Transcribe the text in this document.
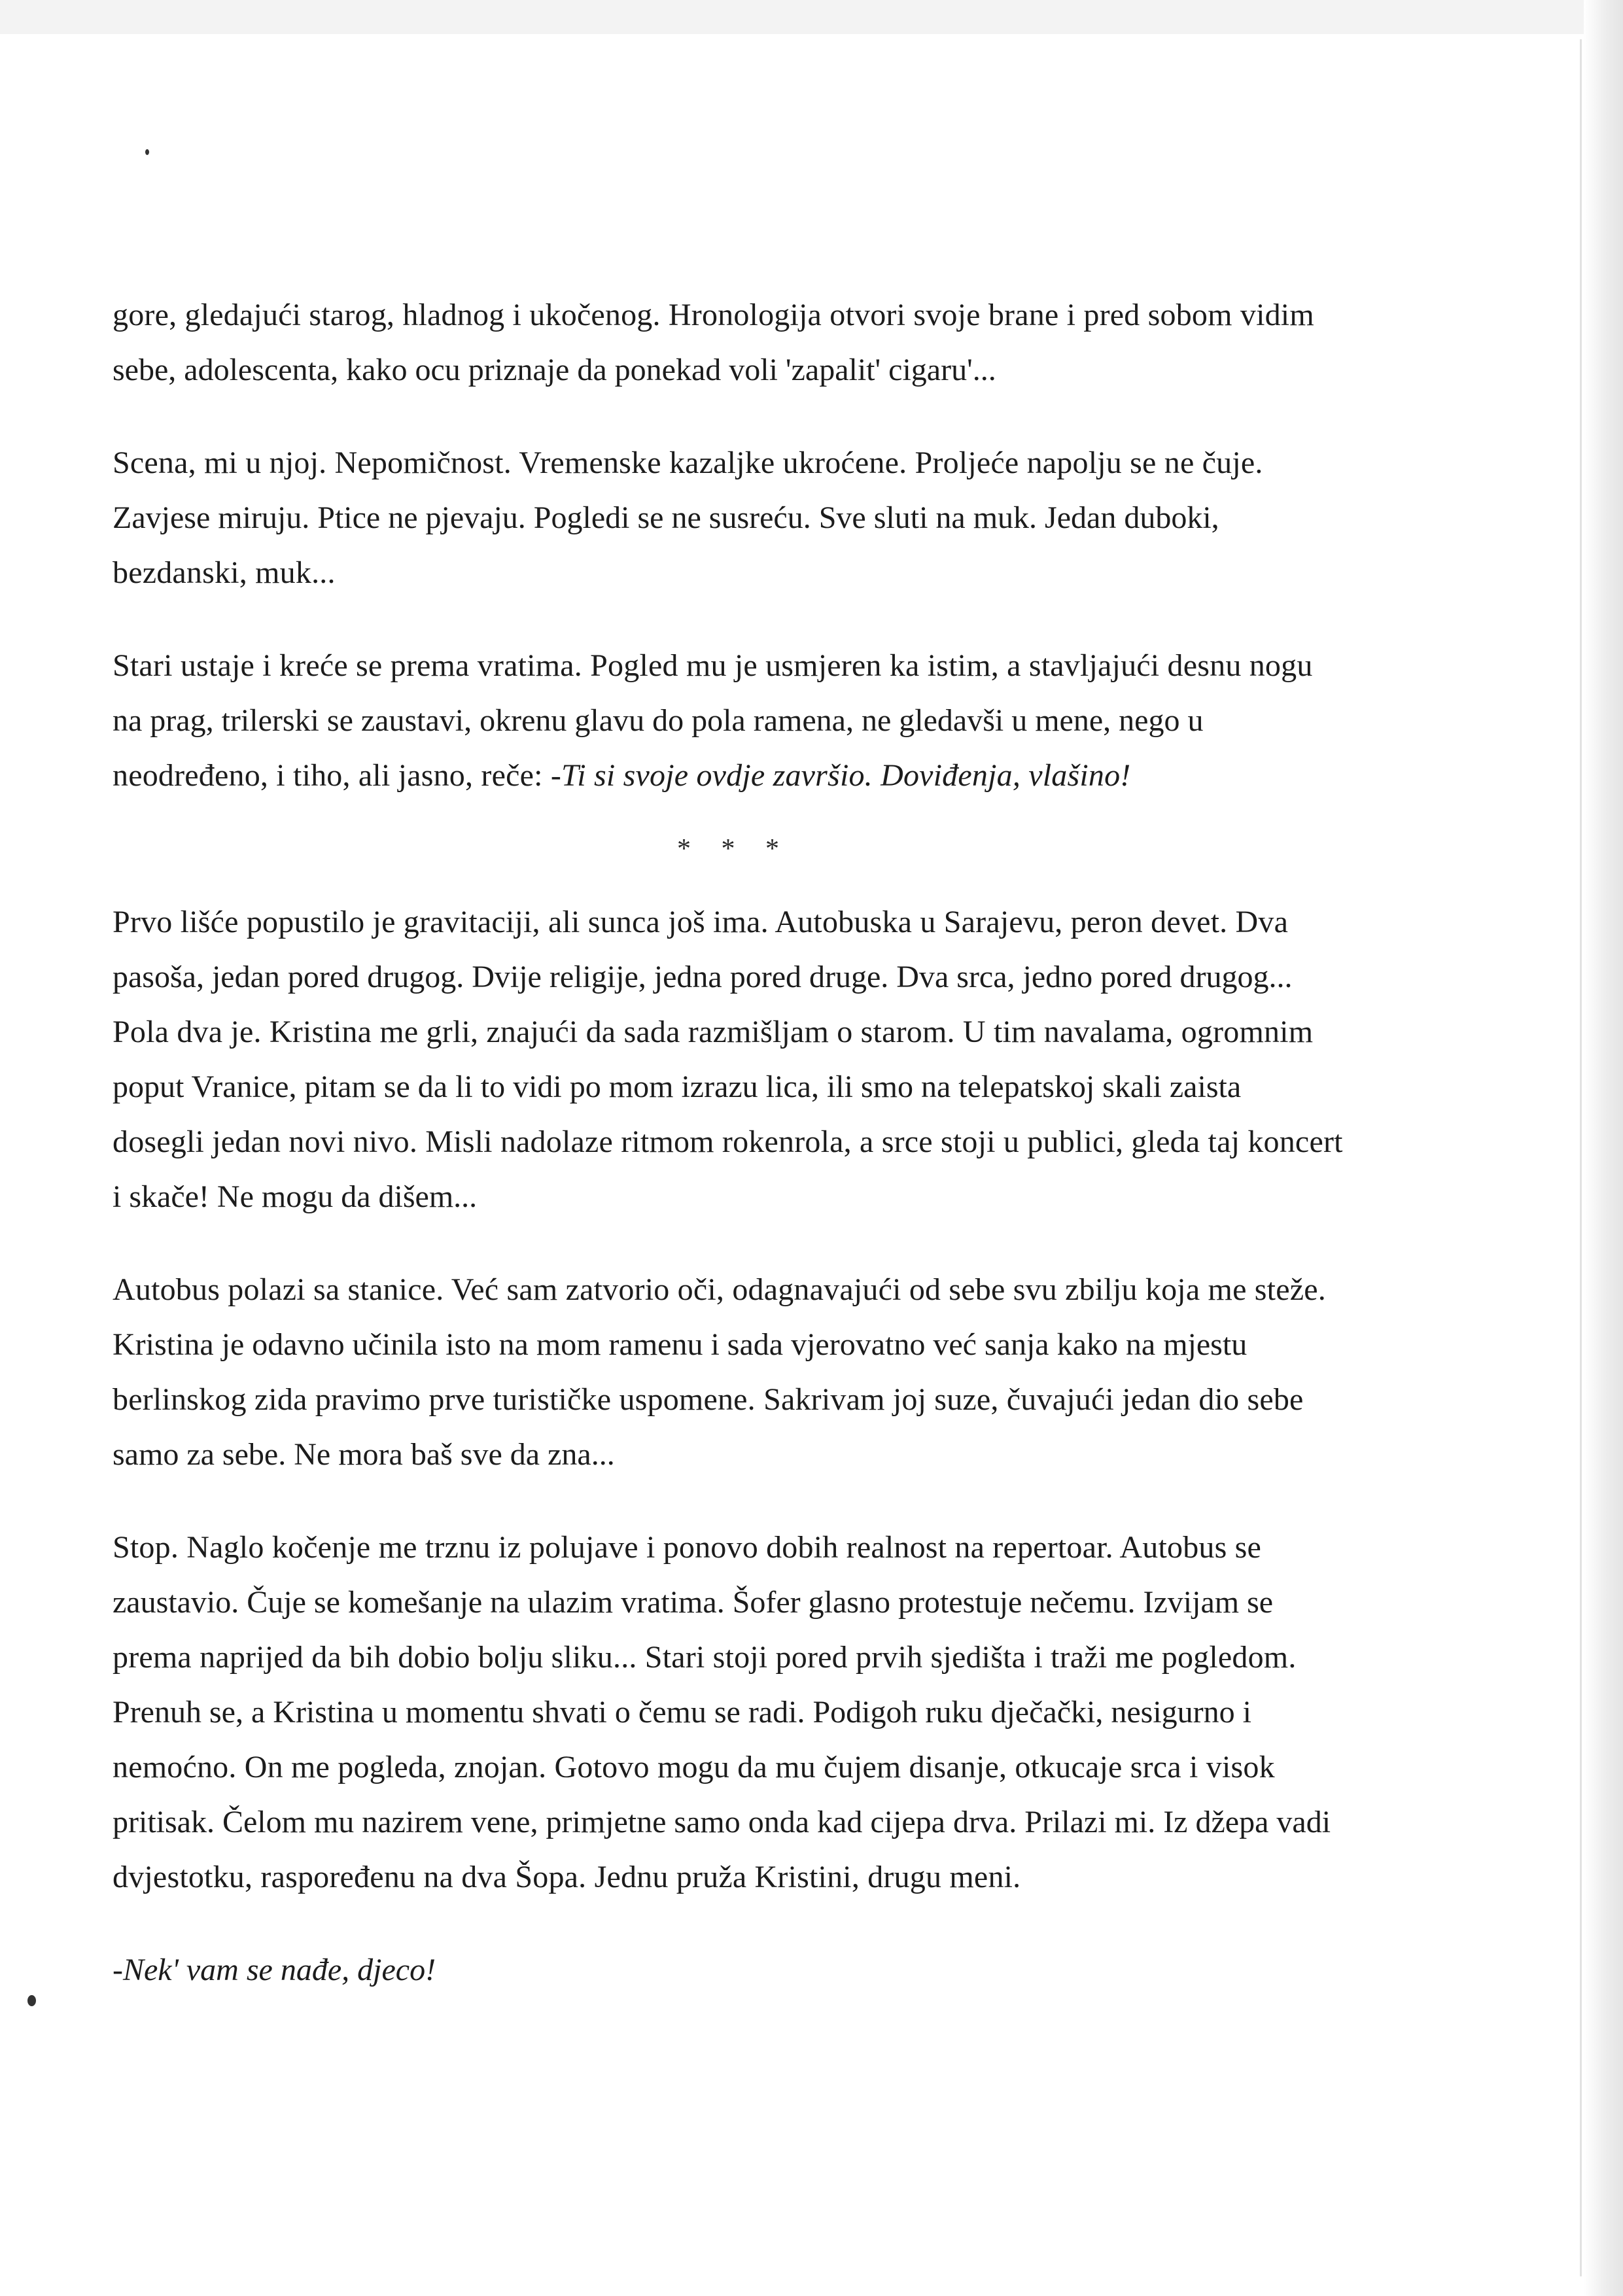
gore, gledajući starog, hladnog i ukočenog. Hronologija otvori svoje brane i pred sobom vidim
sebe, adolescenta, kako ocu priznaje da ponekad voli 'zapalit' cigaru'...

Scena, mi u njoj. Nepomičnost. Vremenske kazaljke ukroćene. Proljeće napolju se ne čuje.
Zavjese miruju. Ptice ne pjevaju. Pogledi se ne susreću. Sve sluti na muk. Jedan duboki,
bezdanski, muk...

Stari ustaje i kreće se prema vratima. Pogled mu je usmjeren ka istim, a stavljajući desnu nogu
na prag, trilerski se zaustavi, okrenu glavu do pola ramena, ne gledavši u mene, nego u
neodređeno, i tiho, ali jasno, reče: -Ti si svoje ovdje završio. Doviđenja, vlašino!

* * *

Prvo lišće popustilo je gravitaciji, ali sunca još ima. Autobuska u Sarajevu, peron devet. Dva
pasoša, jedan pored drugog. Dvije religije, jedna pored druge. Dva srca, jedno pored drugog...
Pola dva je. Kristina me grli, znajući da sada razmišljam o starom. U tim navalama, ogromnim
poput Vranice, pitam se da li to vidi po mom izrazu lica, ili smo na telepatskoj skali zaista
dosegli jedan novi nivo. Misli nadolaze ritmom rokenrola, a srce stoji u publici, gleda taj koncert
i skače! Ne mogu da dišem...

Autobus polazi sa stanice. Već sam zatvorio oči, odagnavajući od sebe svu zbilju koja me steže.
Kristina je odavno učinila isto na mom ramenu i sada vjerovatno već sanja kako na mjestu
berlinskog zida pravimo prve turističke uspomene. Sakrivam joj suze, čuvajući jedan dio sebe
samo za sebe. Ne mora baš sve da zna...

Stop. Naglo kočenje me trznu iz polujave i ponovo dobih realnost na repertoar. Autobus se
zaustavio. Čuje se komešanje na ulazim vratima. Šofer glasno protestuje nečemu. Izvijam se
prema naprijed da bih dobio bolju sliku... Stari stoji pored prvih sjedišta i traži me pogledom.
Prenuh se, a Kristina u momentu shvati o čemu se radi. Podigoh ruku dječački, nesigurno i
nemoćno. On me pogleda, znojan. Gotovo mogu da mu čujem disanje, otkucaje srca i visok
pritisak. Čelom mu nazirem vene, primjetne samo onda kad cijepa drva. Prilazi mi. Iz džepa vadi
dvjestotku, raspoređenu na dva Šopa. Jednu pruža Kristini, drugu meni.

-Nek' vam se nađe, djeco!
